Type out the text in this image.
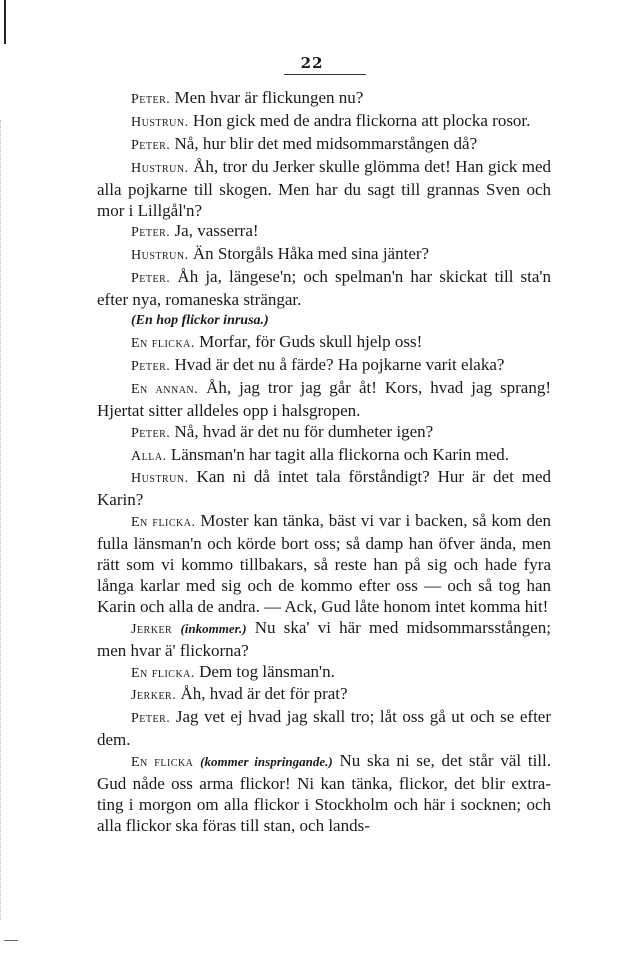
22

Peter. Men hvar är flickungen nu?

Hustrun. Hon gick med de andra flickorna att plocka rosor.

Peter. Nå, hur blir det med midsommarstången då?

Hustrun. Åh, tror du Jerker skulle glömma det! Han gick med alla pojkarne till skogen. Men har du sagt till grannas Sven och mor i Lillgål'n?

Peter. Ja, vasserra!

Hustrun. Än Storgåls Håka med sina jänter?

Peter. Åh ja, längese'n; och spelman'n har skickat till sta'n efter nya, romaneska strängar.

(En hop flickor inrusa.)

En flicka. Morfar, för Guds skull hjelp oss!

Peter. Hvad är det nu å färde? Ha pojkarne varit elaka?

En annan. Åh, jag tror jag går åt! Kors, hvad jag sprang! Hjertat sitter alldeles opp i halsgropen.

Peter. Nå, hvad är det nu för dumheter igen?

Alla. Länsman'n har tagit alla flickorna och Karin med.

Hustrun. Kan ni då intet tala förståndigt? Hur är det med Karin?

En flicka. Moster kan tänka, bäst vi var i backen, så kom den fulla länsman'n och körde bort oss; så damp han öfver ända, men rätt som vi kommo tillbakars, så reste han på sig och hade fyra långa karlar med sig och de kommo efter oss — och så tog han Karin och alla de andra. — Ack, Gud låte honom intet komma hit!

Jerker (inkommer.) Nu ska' vi här med midsommarsstången; men hvar ä' flickorna?

En flicka. Dem tog länsman'n.

Jerker. Åh, hvad är det för prat?

Peter. Jag vet ej hvad jag skall tro; låt oss gå ut och se efter dem.

En flicka (kommer inspringande.) Nu ska ni se, det står väl till. Gud nåde oss arma flickor! Ni kan tänka, flickor, det blir extra-ting i morgon om alla flickor i Stockholm och här i socknen; och alla flickor ska föras till stan, och lands-
